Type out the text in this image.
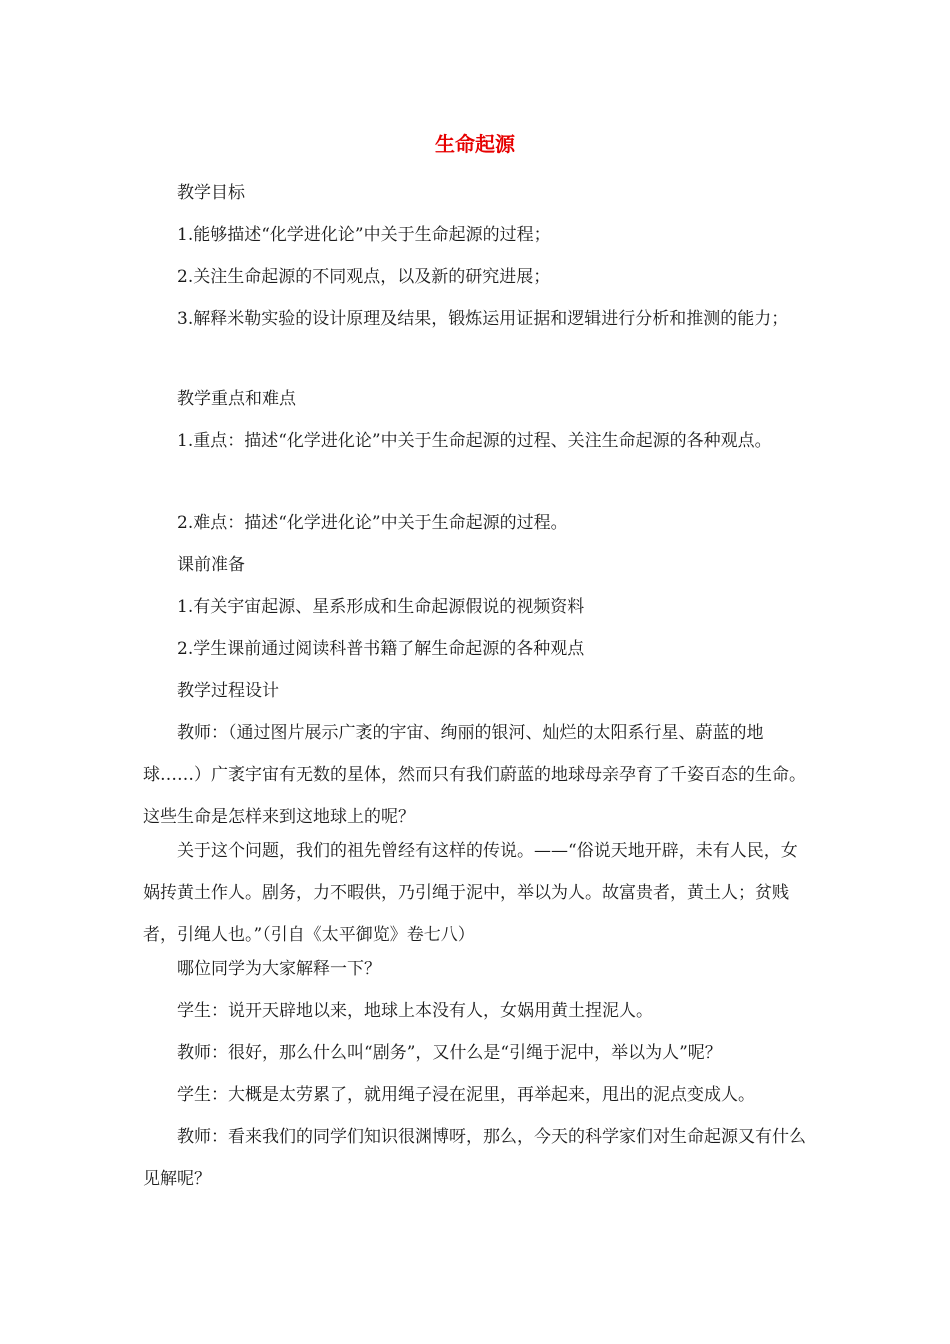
生命起源

教学目标

1.能够描述“化学进化论”中关于生命起源的过程；

2.关注生命起源的不同观点，以及新的研究进展；

3.解释米勒实验的设计原理及结果，锻炼运用证据和逻辑进行分析和推测的能力；

教学重点和难点

1.重点：描述“化学进化论”中关于生命起源的过程、关注生命起源的各种观点。

2.难点：描述“化学进化论”中关于生命起源的过程。

课前准备

1.有关宇宙起源、星系形成和生命起源假说的视频资料

2.学生课前通过阅读科普书籍了解生命起源的各种观点

教学过程设计

教师：（通过图片展示广袤的宇宙、绚丽的银河、灿烂的太阳系行星、蔚蓝的地球……）广袤宇宙有无数的星体，然而只有我们蔚蓝的地球母亲孕育了千姿百态的生命。这些生命是怎样来到这地球上的呢？

关于这个问题，我们的祖先曾经有这样的传说。——“俗说天地开辟，未有人民，女娲抟黄土作人。剧务，力不暇供，乃引绳于泥中，举以为人。故富贵者，黄土人；贫贱者，引绳人也。”（引自《太平御览》卷七八）

哪位同学为大家解释一下？

学生：说开天辟地以来，地球上本没有人，女娲用黄土捏泥人。

教师：很好，那么什么叫“剧务”，又什么是“引绳于泥中，举以为人”呢？

学生：大概是太劳累了，就用绳子浸在泥里，再举起来，甩出的泥点变成人。

教师：看来我们的同学们知识很渊博呀，那么，今天的科学家们对生命起源又有什么见解呢？
